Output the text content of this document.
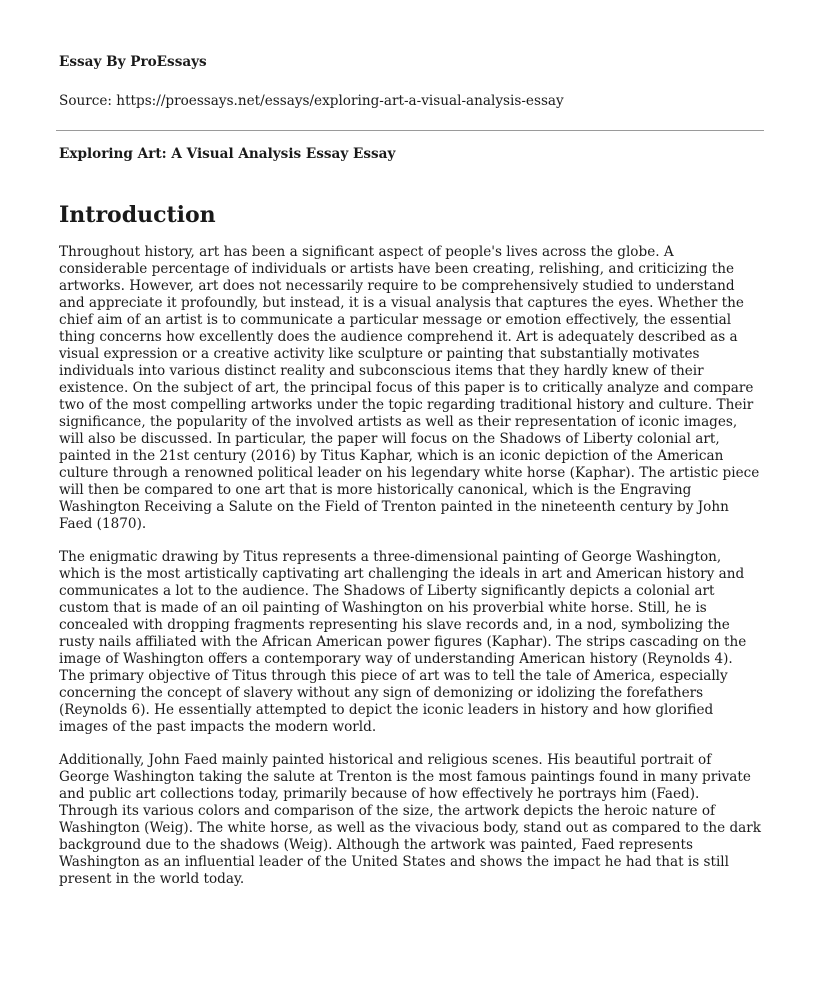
Essay By ProEssays

Source: https://proessays.net/essays/exploring-art-a-visual-analysis-essay

Exploring Art: A Visual Analysis Essay Essay

Introduction

Throughout history, art has been a significant aspect of people's lives across the globe. A considerable percentage of individuals or artists have been creating, relishing, and criticizing the artworks. However, art does not necessarily require to be comprehensively studied to understand and appreciate it profoundly, but instead, it is a visual analysis that captures the eyes. Whether the chief aim of an artist is to communicate a particular message or emotion effectively, the essential thing concerns how excellently does the audience comprehend it. Art is adequately described as a visual expression or a creative activity like sculpture or painting that substantially motivates individuals into various distinct reality and subconscious items that they hardly knew of their existence. On the subject of art, the principal focus of this paper is to critically analyze and compare two of the most compelling artworks under the topic regarding traditional history and culture. Their significance, the popularity of the involved artists as well as their representation of iconic images, will also be discussed. In particular, the paper will focus on the Shadows of Liberty colonial art, painted in the 21st century (2016) by Titus Kaphar, which is an iconic depiction of the American culture through a renowned political leader on his legendary white horse (Kaphar). The artistic piece will then be compared to one art that is more historically canonical, which is the Engraving Washington Receiving a Salute on the Field of Trenton painted in the nineteenth century by John Faed (1870).

The enigmatic drawing by Titus represents a three-dimensional painting of George Washington, which is the most artistically captivating art challenging the ideals in art and American history and communicates a lot to the audience. The Shadows of Liberty significantly depicts a colonial art custom that is made of an oil painting of Washington on his proverbial white horse. Still, he is concealed with dropping fragments representing his slave records and, in a nod, symbolizing the rusty nails affiliated with the African American power figures (Kaphar). The strips cascading on the image of Washington offers a contemporary way of understanding American history (Reynolds 4). The primary objective of Titus through this piece of art was to tell the tale of America, especially concerning the concept of slavery without any sign of demonizing or idolizing the forefathers (Reynolds 6). He essentially attempted to depict the iconic leaders in history and how glorified images of the past impacts the modern world.

Additionally, John Faed mainly painted historical and religious scenes. His beautiful portrait of George Washington taking the salute at Trenton is the most famous paintings found in many private and public art collections today, primarily because of how effectively he portrays him (Faed). Through its various colors and comparison of the size, the artwork depicts the heroic nature of Washington (Weig). The white horse, as well as the vivacious body, stand out as compared to the dark background due to the shadows (Weig). Although the artwork was painted, Faed represents Washington as an influential leader of the United States and shows the impact he had that is still present in the world today.
